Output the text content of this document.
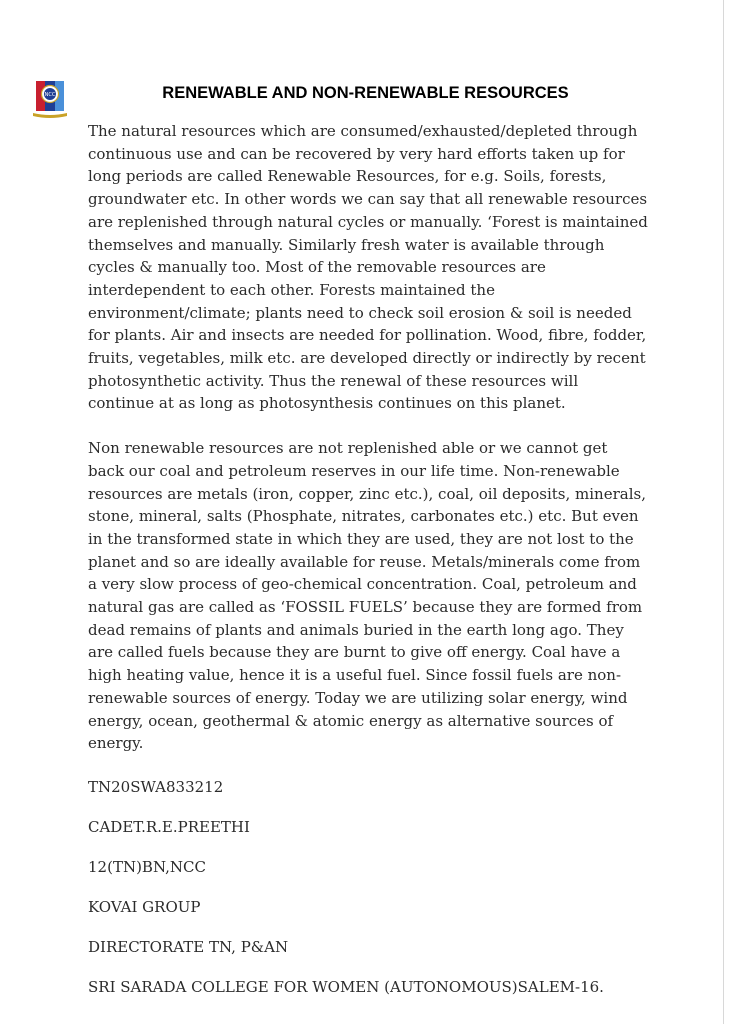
NCC	RENEWABLE AND NON-RENEWABLE RESOURCES

The natural resources which are consumed/exhausted/depleted through continuous use and can be recovered by very hard efforts taken up for long periods are called Renewable Resources, for e.g. Soils, forests, groundwater etc. In other words we can say that all renewable resources are replenished through natural cycles or manually. ‘Forest is maintained themselves and manually. Similarly fresh water is available through cycles & manually too. Most of the removable resources are interdependent to each other. Forests maintained the environment/climate; plants need to check soil erosion & soil is needed for plants. Air and insects are needed for pollination. Wood, fibre, fodder, fruits, vegetables, milk etc. are developed directly or indirectly by recent photosynthetic activity. Thus the renewal of these resources will continue at as long as photosynthesis continues on this planet.

Non renewable resources are not replenished able or we cannot get back our coal and petroleum reserves in our life time. Non-renewable resources are metals (iron, copper, zinc etc.), coal, oil deposits, minerals, stone, mineral, salts (Phosphate, nitrates, carbonates etc.) etc. But even in the transformed state in which they are used, they are not lost to the planet and so are ideally available for reuse. Metals/minerals come from a very slow process of geo-chemical concentration. Coal, petroleum and natural gas are called as ‘FOSSIL FUELS’ because they are formed from dead remains of plants and animals buried in the earth long ago. They are called fuels because they are burnt to give off energy. Coal have a high heating value, hence it is a useful fuel. Since fossil fuels are non-renewable sources of energy. Today we are utilizing solar energy, wind energy, ocean, geothermal & atomic energy as alternative sources of energy.

TN20SWA833212

CADET.R.E.PREETHI

12(TN)BN,NCC

KOVAI GROUP

DIRECTORATE TN, P&AN

SRI SARADA COLLEGE FOR WOMEN (AUTONOMOUS)SALEM-16.
